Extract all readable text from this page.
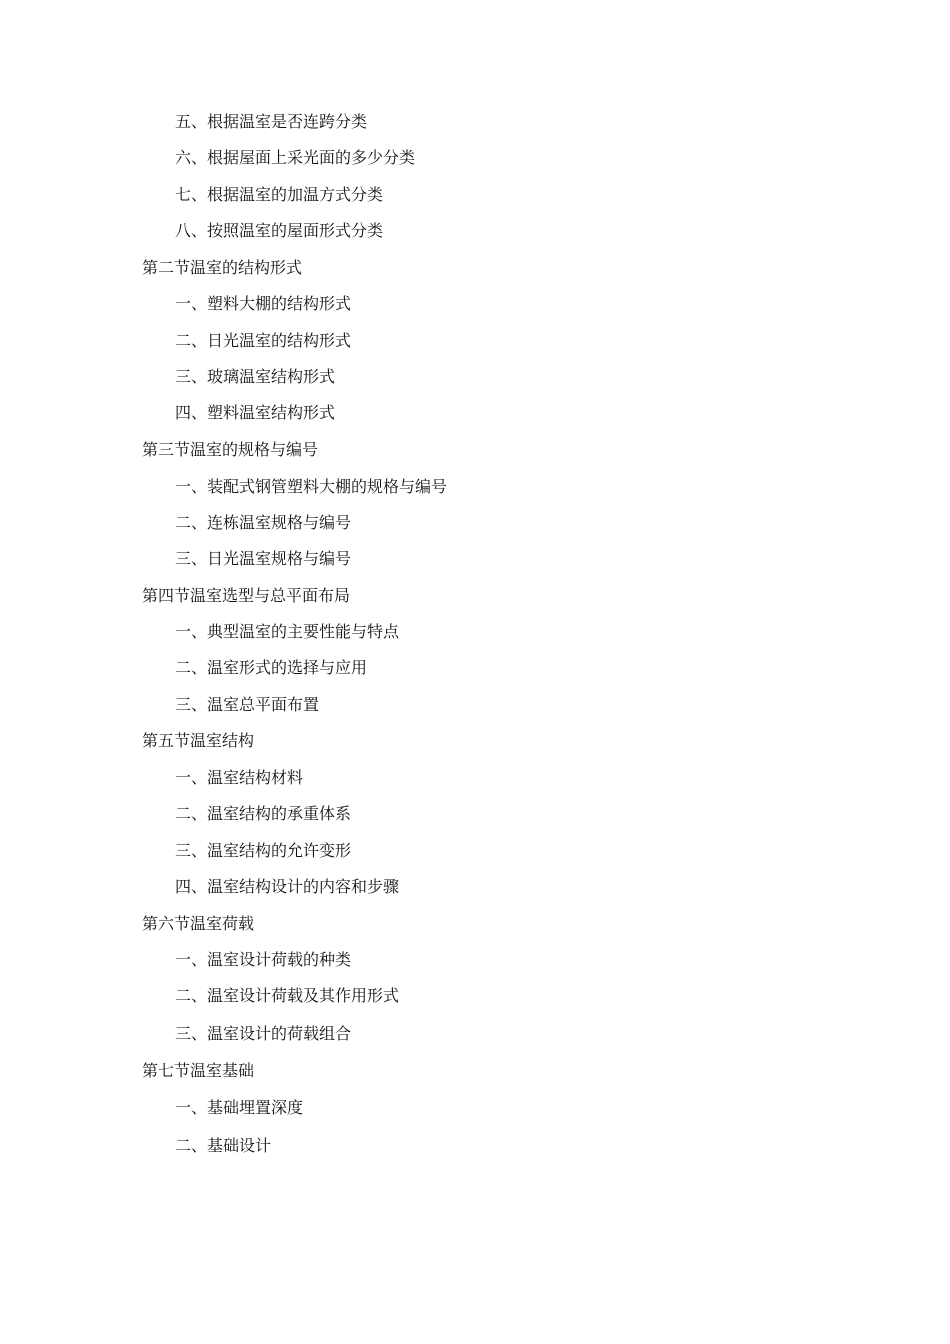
五、根据温室是否连跨分类
六、根据屋面上采光面的多少分类
七、根据温室的加温方式分类
八、按照温室的屋面形式分类
第二节温室的结构形式
一、塑料大棚的结构形式
二、日光温室的结构形式
三、玻璃温室结构形式
四、塑料温室结构形式
第三节温室的规格与编号
一、装配式钢管塑料大棚的规格与编号
二、连栋温室规格与编号
三、日光温室规格与编号
第四节温室选型与总平面布局
一、典型温室的主要性能与特点
二、温室形式的选择与应用
三、温室总平面布置
第五节温室结构
一、温室结构材料
二、温室结构的承重体系
三、温室结构的允许变形
四、温室结构设计的内容和步骤
第六节温室荷载
一、温室设计荷载的种类
二、温室设计荷载及其作用形式
三、温室设计的荷载组合
第七节温室基础
一、基础埋置深度
二、基础设计
